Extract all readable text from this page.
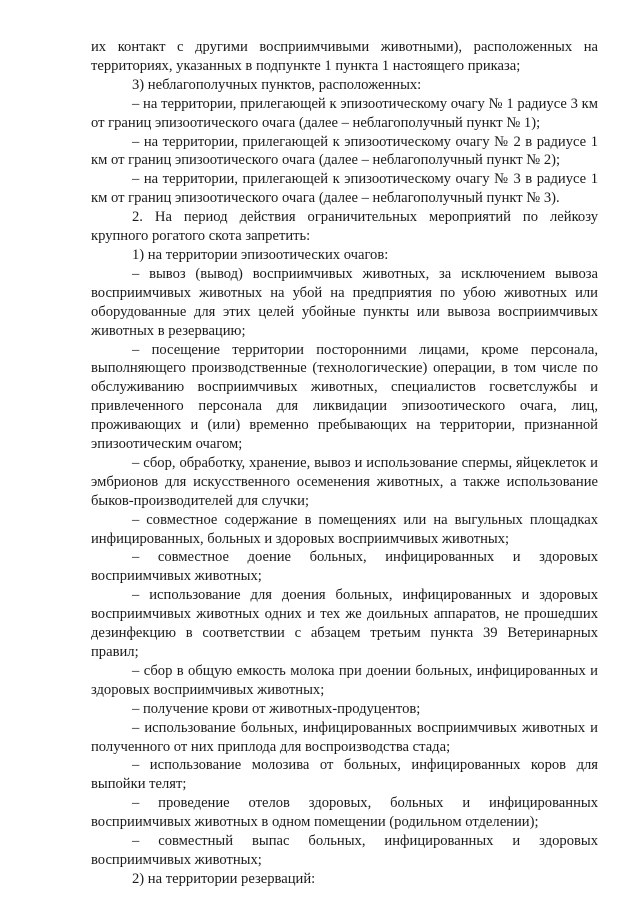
их контакт с другими восприимчивыми животными), расположенных на территориях, указанных в подпункте 1 пункта 1 настоящего приказа;

3) неблагополучных пунктов, расположенных:

– на территории, прилегающей к эпизоотическому очагу № 1 радиусе 3 км от границ эпизоотического очага (далее – неблагополучный пункт № 1);

– на территории, прилегающей к эпизоотическому очагу № 2 в радиусе 1 км от границ эпизоотического очага (далее – неблагополучный пункт № 2);

– на территории, прилегающей к эпизоотическому очагу № 3 в радиусе 1 км от границ эпизоотического очага (далее – неблагополучный пункт № 3).

2. На период действия ограничительных мероприятий по лейкозу крупного рогатого скота запретить:

1) на территории эпизоотических очагов:

– вывоз (вывод) восприимчивых животных, за исключением вывоза восприимчивых животных на убой на предприятия по убою животных или оборудованные для этих целей убойные пункты или вывоза восприимчивых животных в резервацию;

– посещение территории посторонними лицами, кроме персонала, выполняющего производственные (технологические) операции, в том числе по обслуживанию восприимчивых животных, специалистов госветслужбы и привлеченного персонала для ликвидации эпизоотического очага, лиц, проживающих и (или) временно пребывающих на территории, признанной эпизоотическим очагом;

– сбор, обработку, хранение, вывоз и использование спермы, яйцеклеток и эмбрионов для искусственного осеменения животных, а также использование быков-производителей для случки;

– совместное содержание в помещениях или на выгульных площадках инфицированных, больных и здоровых восприимчивых животных;

– совместное доение больных, инфицированных и здоровых восприимчивых животных;

– использование для доения больных, инфицированных и здоровых восприимчивых животных одних и тех же доильных аппаратов, не прошедших дезинфекцию в соответствии с абзацем третьим пункта 39 Ветеринарных правил;

– сбор в общую емкость молока при доении больных, инфицированных и здоровых восприимчивых животных;

– получение крови от животных-продуцентов;

– использование больных, инфицированных восприимчивых животных и полученного от них приплода для воспроизводства стада;

– использование молозива от больных, инфицированных коров для выпойки телят;

– проведение отелов здоровых, больных и инфицированных восприимчивых животных в одном помещении (родильном отделении);

– совместный выпас больных, инфицированных и здоровых восприимчивых животных;

2) на территории резерваций:
